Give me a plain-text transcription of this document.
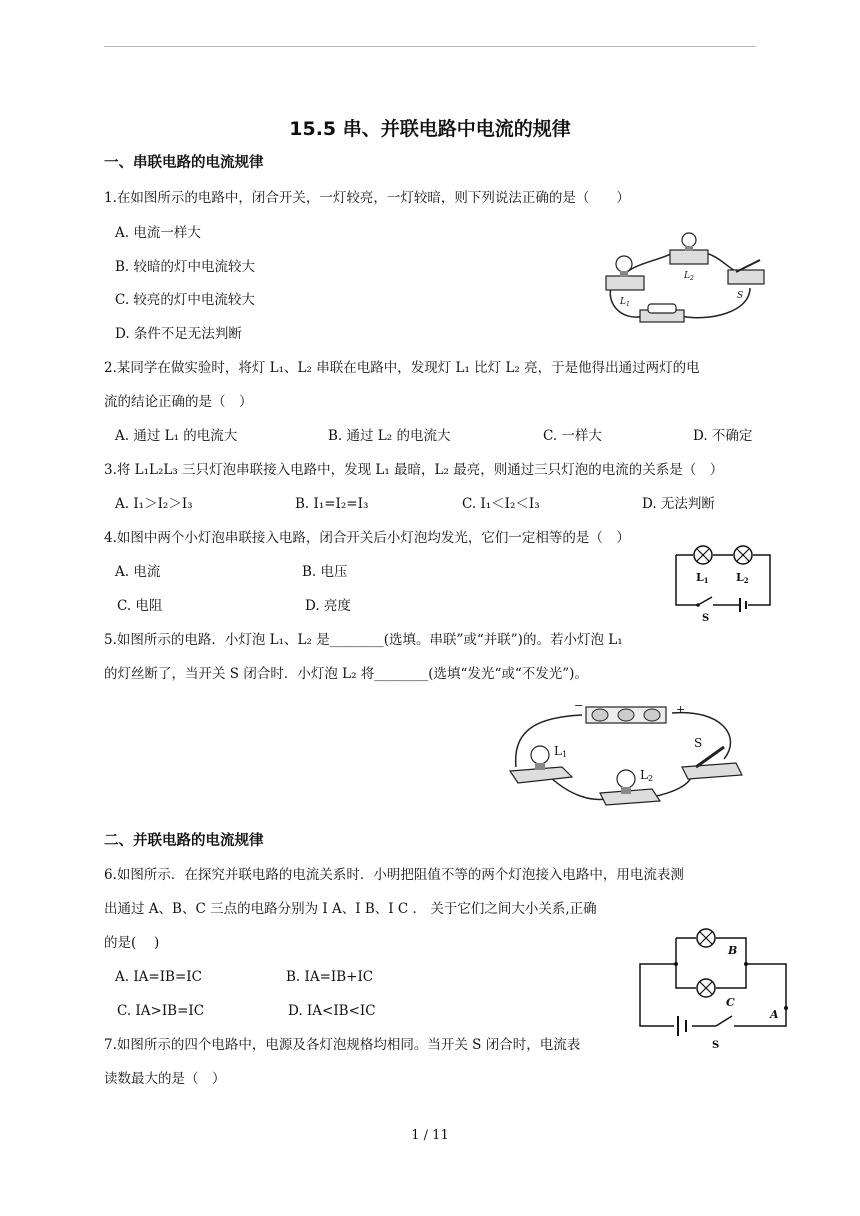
15.5 串、并联电路中电流的规律
一、串联电路的电流规律
1.在如图所示的电路中，闭合开关，一灯较亮，一灯较暗，则下列说法正确的是（　　）
A. 电流一样大
B. 较暗的灯中电流较大
C. 较亮的灯中电流较大
D. 条件不足无法判断
$L_1$
$L_2$
S
2.某同学在做实验时，将灯 L₁、L₂ 串联在电路中，发现灯 L₁ 比灯 L₂ 亮，于是他得出通过两灯的电
流的结论正确的是（　）
A. 通过 L₁ 的电流大	B. 通过 L₂ 的电流大	C. 一样大	D. 不确定
3.将 L₁L₂L₃ 三只灯泡串联接入电路中，发现 L₁ 最暗，L₂ 最亮，则通过三只灯泡的电流的关系是（　）
A. I₁＞I₂＞I₃	B. I₁=I₂=I₃	C. I₁＜I₂＜I₃	D. 无法判断
4.如图中两个小灯泡串联接入电路，闭合开关后小灯泡均发光，它们一定相等的是（　）
A. 电流	B. 电压
C. 电阻	D. 亮度
L1 L2
S
5.如图所示的电路．小灯泡 L₁、L₂ 是________(选填。串联”或“并联”)的。若小灯泡 L₁
的灯丝断了，当开关 S 闭合时．小灯泡 L₂ 将________(选填“发光“或“不发光”)。
−	+
L1
L2
S
二、并联电路的电流规律
6.如图所示．在探究并联电路的电流关系时．小明把阻值不等的两个灯泡接入电路中，用电流表测
出通过 A、B、C 三点的电路分别为 I A、I B、I C ． 关于它们之间大小关系,正确
的是(　 )
A. IA=IB=IC	B. IA=IB+IC
C. IA>IB=IC	D. IA<IB<IC
B
C
A
S
7.如图所示的四个电路中，电源及各灯泡规格均相同。当开关 S 闭合时，电流表
读数最大的是（　）
1 / 11
